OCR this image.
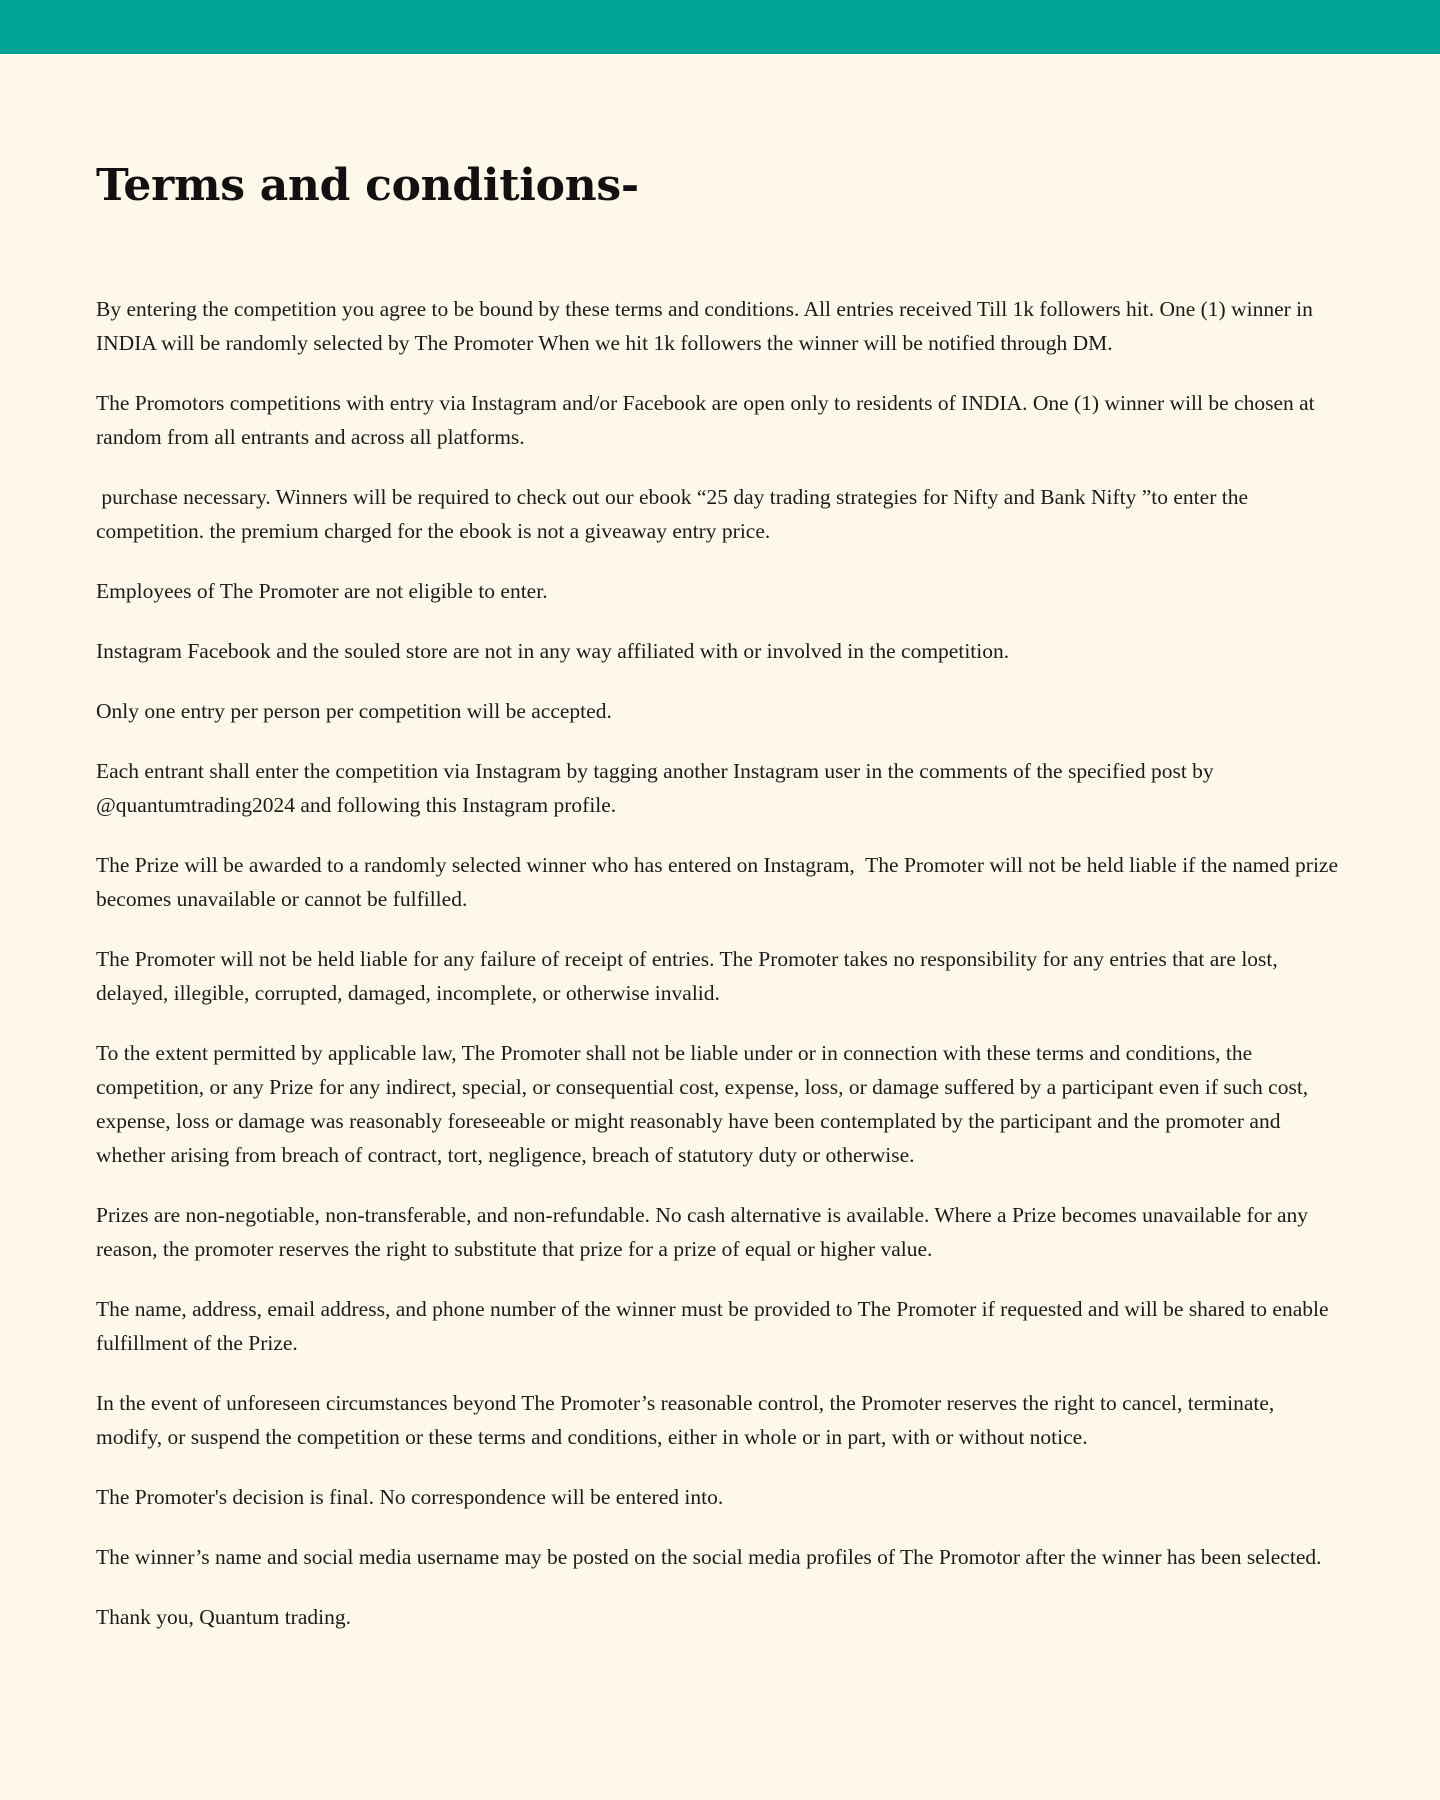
Terms and conditions-

By entering the competition you agree to be bound by these terms and conditions. All entries received Till 1k followers hit. One (1) winner in INDIA will be randomly selected by The Promoter When we hit 1k followers the winner will be notified through DM.

The Promotors competitions with entry via Instagram and/or Facebook are open only to residents of INDIA. One (1) winner will be chosen at random from all entrants and across all platforms.

purchase necessary. Winners will be required to check out our ebook “25 day trading strategies for Nifty and Bank Nifty ”to enter the competition. the premium charged for the ebook is not a giveaway entry price.

Employees of The Promoter are not eligible to enter.

Instagram Facebook and the souled store are not in any way affiliated with or involved in the competition.

Only one entry per person per competition will be accepted.

Each entrant shall enter the competition via Instagram by tagging another Instagram user in the comments of the specified post by @quantumtrading2024 and following this Instagram profile.

The Prize will be awarded to a randomly selected winner who has entered on Instagram,  The Promoter will not be held liable if the named prize becomes unavailable or cannot be fulfilled.

The Promoter will not be held liable for any failure of receipt of entries. The Promoter takes no responsibility for any entries that are lost, delayed, illegible, corrupted, damaged, incomplete, or otherwise invalid.

To the extent permitted by applicable law, The Promoter shall not be liable under or in connection with these terms and conditions, the competition, or any Prize for any indirect, special, or consequential cost, expense, loss, or damage suffered by a participant even if such cost, expense, loss or damage was reasonably foreseeable or might reasonably have been contemplated by the participant and the promoter and whether arising from breach of contract, tort, negligence, breach of statutory duty or otherwise.

Prizes are non-negotiable, non-transferable, and non-refundable. No cash alternative is available. Where a Prize becomes unavailable for any reason, the promoter reserves the right to substitute that prize for a prize of equal or higher value.

The name, address, email address, and phone number of the winner must be provided to The Promoter if requested and will be shared to enable fulfillment of the Prize.

In the event of unforeseen circumstances beyond The Promoter’s reasonable control, the Promoter reserves the right to cancel, terminate, modify, or suspend the competition or these terms and conditions, either in whole or in part, with or without notice.

The Promoter's decision is final. No correspondence will be entered into.

The winner’s name and social media username may be posted on the social media profiles of The Promotor after the winner has been selected.

Thank you, Quantum trading.
